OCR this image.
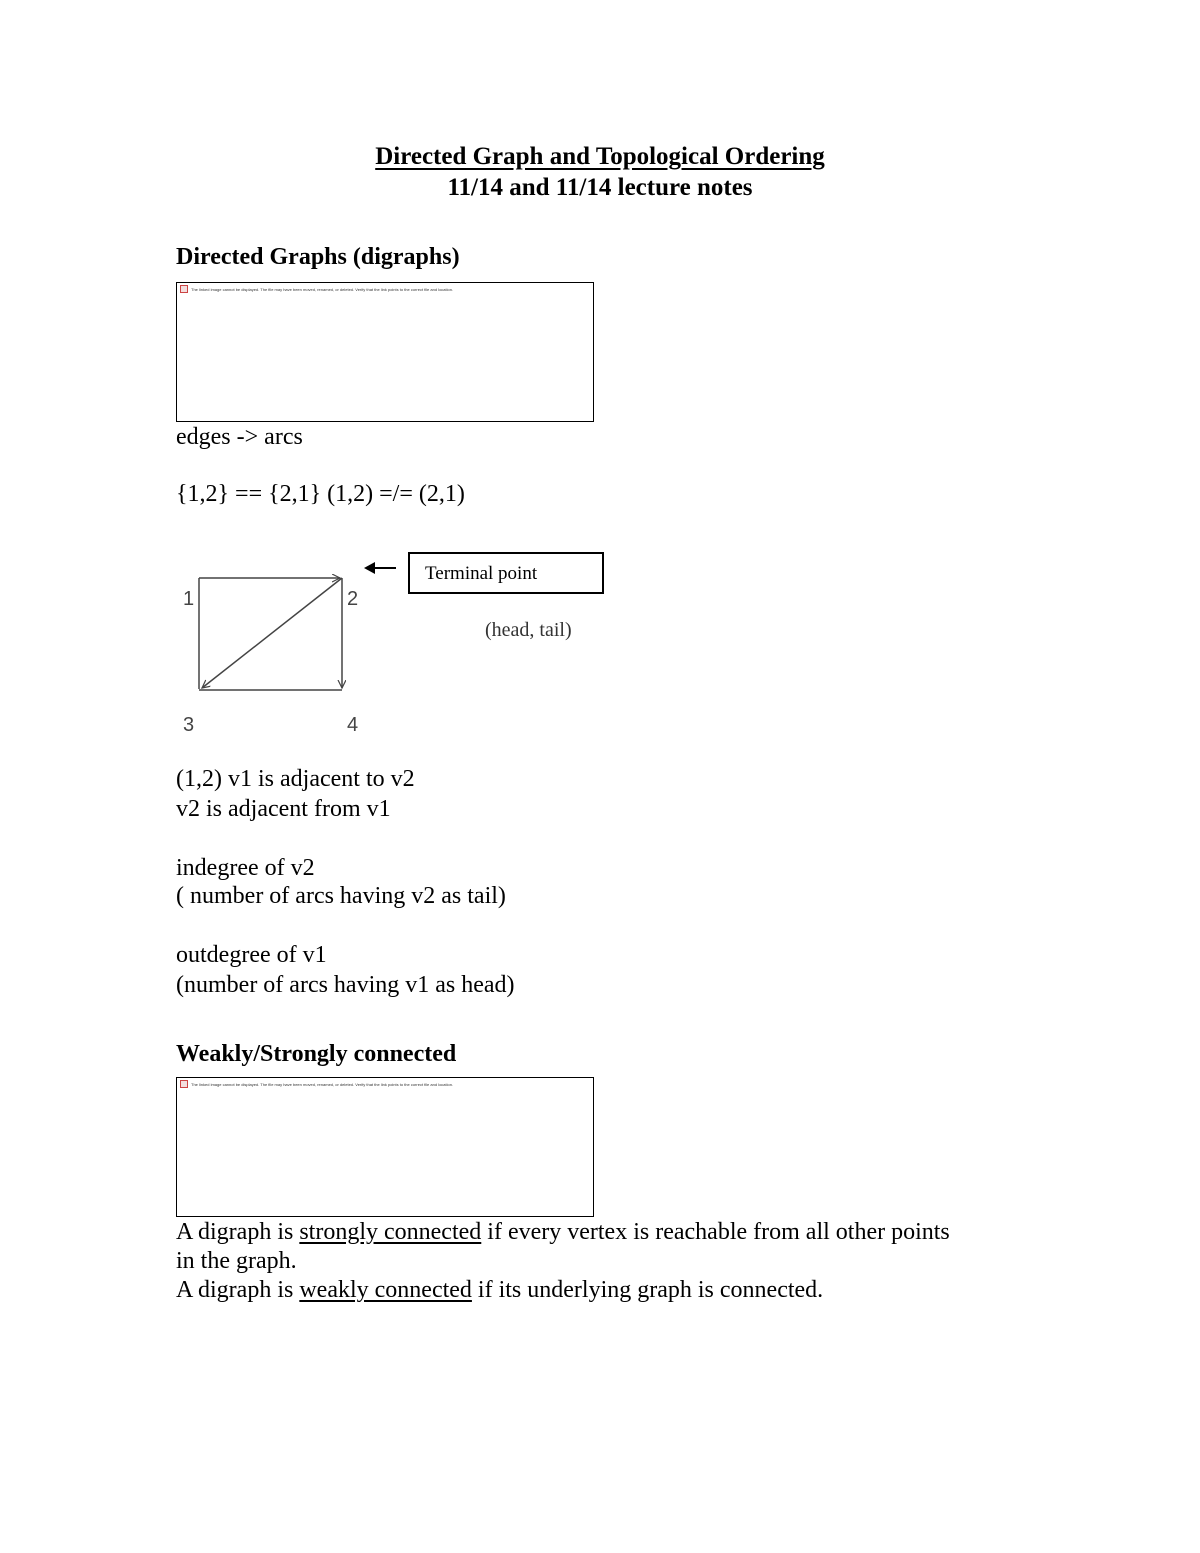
Directed Graph and Topological Ordering
11/14 and 11/14 lecture notes
Directed Graphs (digraphs)
The linked image cannot be displayed. The file may have been moved, renamed, or deleted. Verify that the link points to the correct file and location.
edges -> arcs
{1,2} == {2,1} (1,2) =/= (2,1)
1	2
3	4
Terminal point
(head, tail)
(1,2) v1 is adjacent to v2
v2 is adjacent from v1
indegree of v2
( number of arcs having v2 as tail)
outdegree of v1
(number of arcs having v1 as head)
Weakly/Strongly connected
The linked image cannot be displayed. The file may have been moved, renamed, or deleted. Verify that the link points to the correct file and location.
A digraph is strongly connected if every vertex is reachable from all other points
in the graph.
A digraph is weakly connected if its underlying graph is connected.
